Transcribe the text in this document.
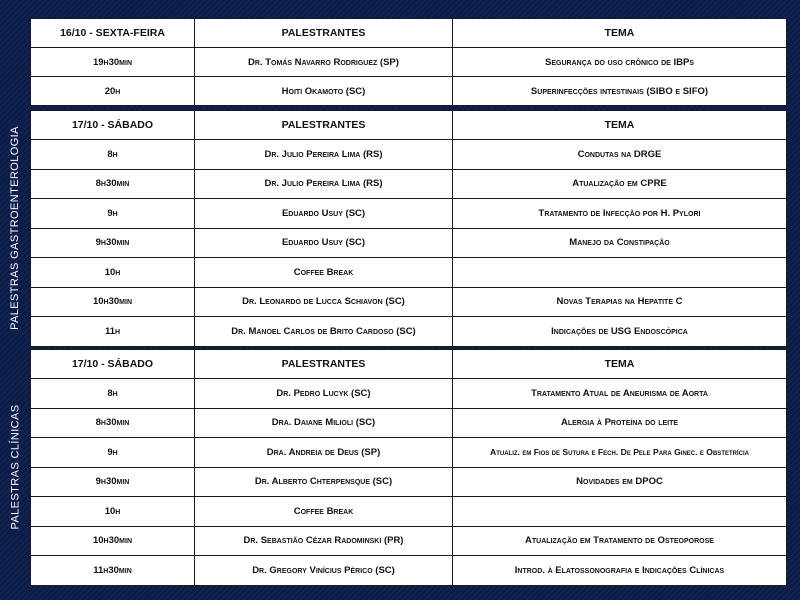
16/10 - SEXTA-FEIRA	PALESTRANTES	TEMA
19h30min	Dr. Tomás Navarro Rodriguez (SP)	Segurança do uso crônico de IBPs
20h	Hoiti Okamoto (SC)	Superinfecções intestinais (SIBO e SIFO)
PALESTRAS GASTROENTEROLOGIA
17/10 - SÁBADO	PALESTRANTES	TEMA
8h	Dr. Julio Pereira Lima (RS)	Condutas na DRGE
8h30min	Dr. Julio Pereira Lima (RS)	Atualização em CPRE
9h	Eduardo Usuy (SC)	Tratamento de Infecção por H. Pylori
9h30min	Eduardo Usuy (SC)	Manejo da Constipação
10h	Coffee Break	
10h30min	Dr. Leonardo de Lucca Schiavon (SC)	Novas Terapias na Hepatite C
11h	Dr. Manoel Carlos de Brito Cardoso (SC)	Indicações de USG Endoscópica
PALESTRAS CLÍNICAS
17/10 - SÁBADO	PALESTRANTES	TEMA
8h	Dr. Pedro Lucyk (SC)	Tratamento Atual de Aneurisma de Aorta
8h30min	Dra. Daiane Milioli (SC)	Alergia à Proteína do leite
9h	Dra. Andreia de Deus (SP)	Atualiz. em Fios de Sutura e Fech. De Pele Para Ginec. e Obstetrícia
9h30min	Dr. Alberto Chterpensque (SC)	Novidades em DPOC
10h	Coffee Break	
10h30min	Dr. Sebastião Cézar Radominski (PR)	Atualização em Tratamento de Osteoporose
11h30min	Dr. Gregory Vinícius Périco (SC)	Introd. à Elatossonografia e Indicações Clínicas
